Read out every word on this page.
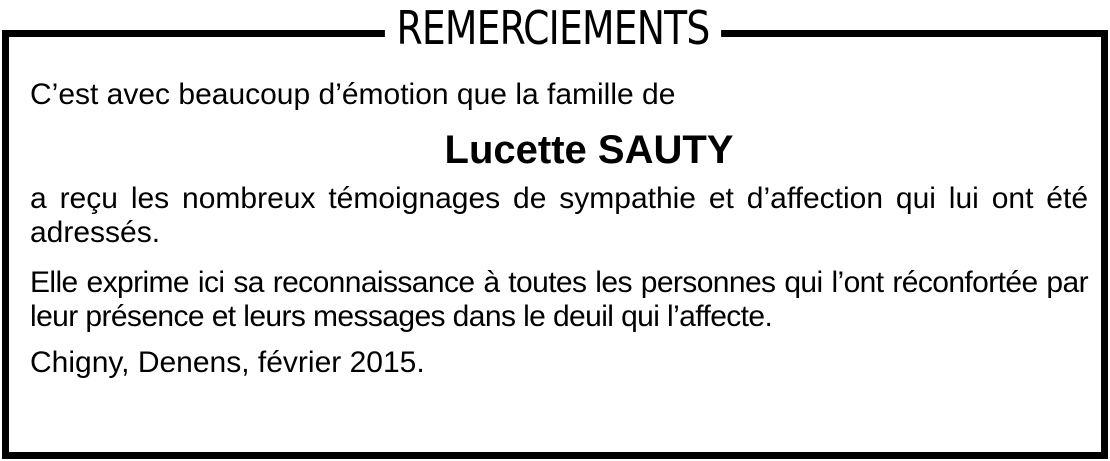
REMERCIEMENTS

C’est avec beaucoup d’émotion que la famille de

Lucette SAUTY

a reçu les nombreux témoignages de sympathie et d’affection qui lui ont été adressés.

Elle exprime ici sa reconnaissance à toutes les personnes qui l’ont réconfortée par leur présence et leurs messages dans le deuil qui l’affecte.

Chigny, Denens, février 2015.
